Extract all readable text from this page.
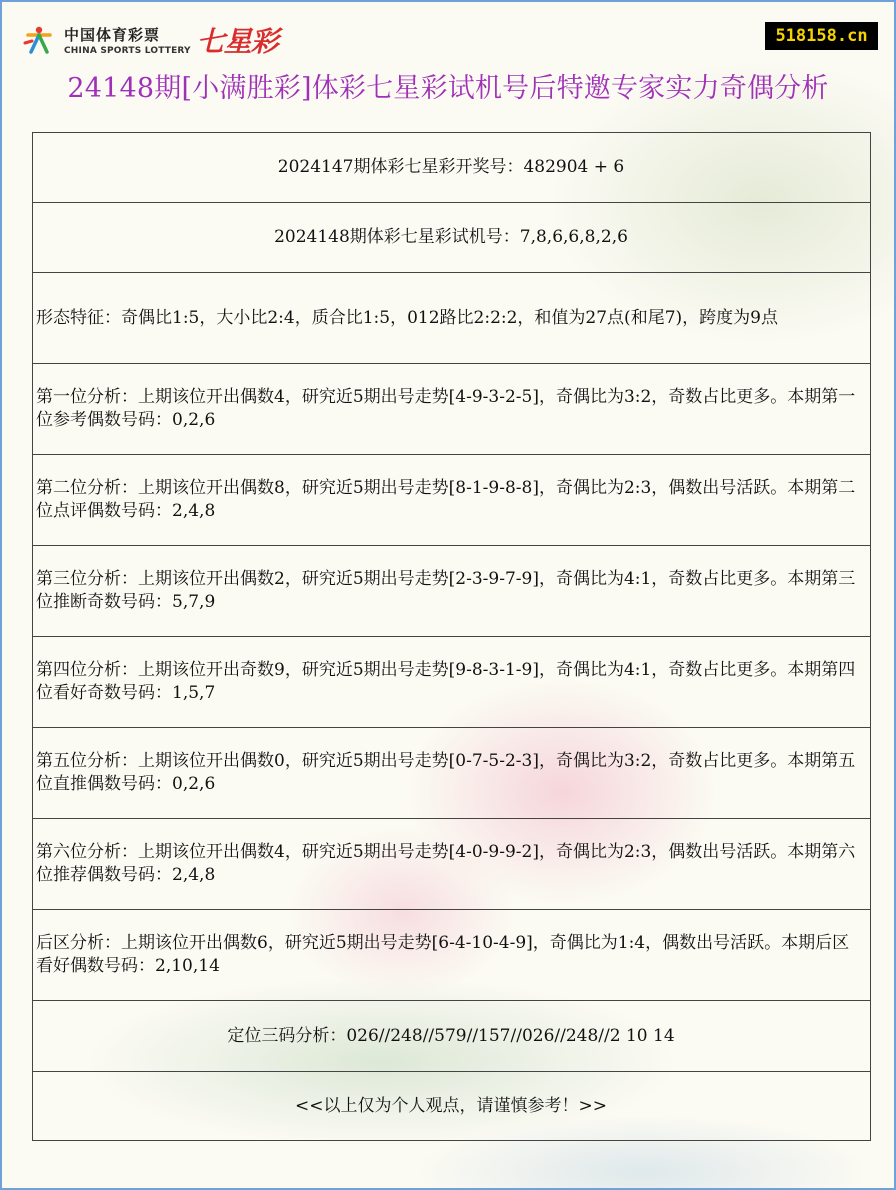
中国体育彩票
CHINA SPORTS LOTTERY 七星彩	518158.cn
24148期[小满胜彩]体彩七星彩试机号后特邀专家实力奇偶分析
2024147期体彩七星彩开奖号：482904 + 6
2024148期体彩七星彩试机号：7,8,6,6,8,2,6
形态特征：奇偶比1:5，大小比2:4，质合比1:5，012路比2:2:2，和值为27点(和尾7)，跨度为9点
第一位分析：上期该位开出偶数4，研究近5期出号走势[4-9-3-2-5]，奇偶比为3:2，奇数占比更多。本期第一位参考偶数号码：0,2,6
第二位分析：上期该位开出偶数8，研究近5期出号走势[8-1-9-8-8]，奇偶比为2:3，偶数出号活跃。本期第二位点评偶数号码：2,4,8
第三位分析：上期该位开出偶数2，研究近5期出号走势[2-3-9-7-9]，奇偶比为4:1，奇数占比更多。本期第三位推断奇数号码：5,7,9
第四位分析：上期该位开出奇数9，研究近5期出号走势[9-8-3-1-9]，奇偶比为4:1，奇数占比更多。本期第四位看好奇数号码：1,5,7
第五位分析：上期该位开出偶数0，研究近5期出号走势[0-7-5-2-3]，奇偶比为3:2，奇数占比更多。本期第五位直推偶数号码：0,2,6
第六位分析：上期该位开出偶数4，研究近5期出号走势[4-0-9-9-2]，奇偶比为2:3，偶数出号活跃。本期第六位推荐偶数号码：2,4,8
后区分析：上期该位开出偶数6，研究近5期出号走势[6-4-10-4-9]，奇偶比为1:4，偶数出号活跃。本期后区看好偶数号码：2,10,14
定位三码分析：026//248//579//157//026//248//2 10 14
<<以上仅为个人观点，请谨慎参考！>>
